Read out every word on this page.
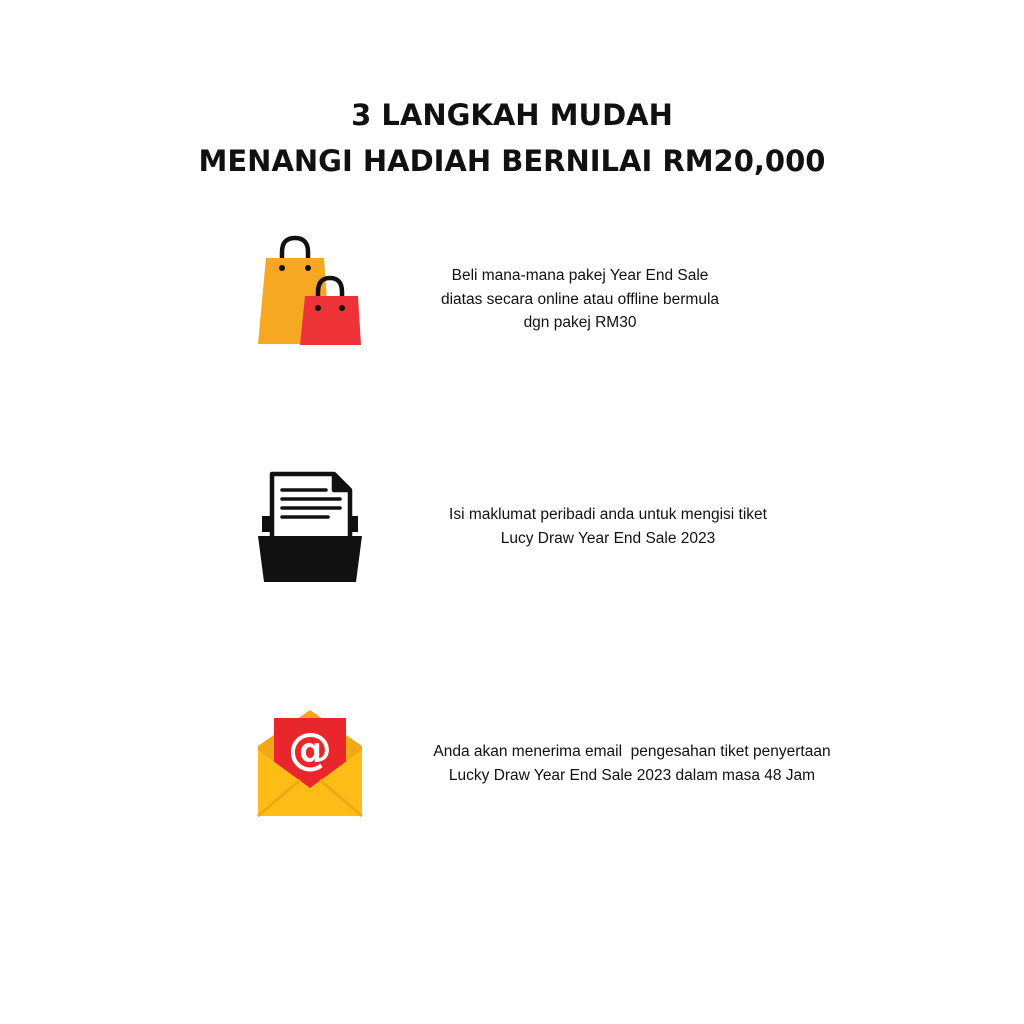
3 LANGKAH MUDAH
MENANGI HADIAH BERNILAI RM20,000
Beli mana-mana pakej Year End Sale
diatas secara online atau offline bermula
dgn pakej RM30
Isi maklumat peribadi anda untuk mengisi tiket
Lucy Draw Year End Sale 2023
@	Anda akan menerima email  pengesahan tiket penyertaan
Lucky Draw Year End Sale 2023 dalam masa 48 Jam
